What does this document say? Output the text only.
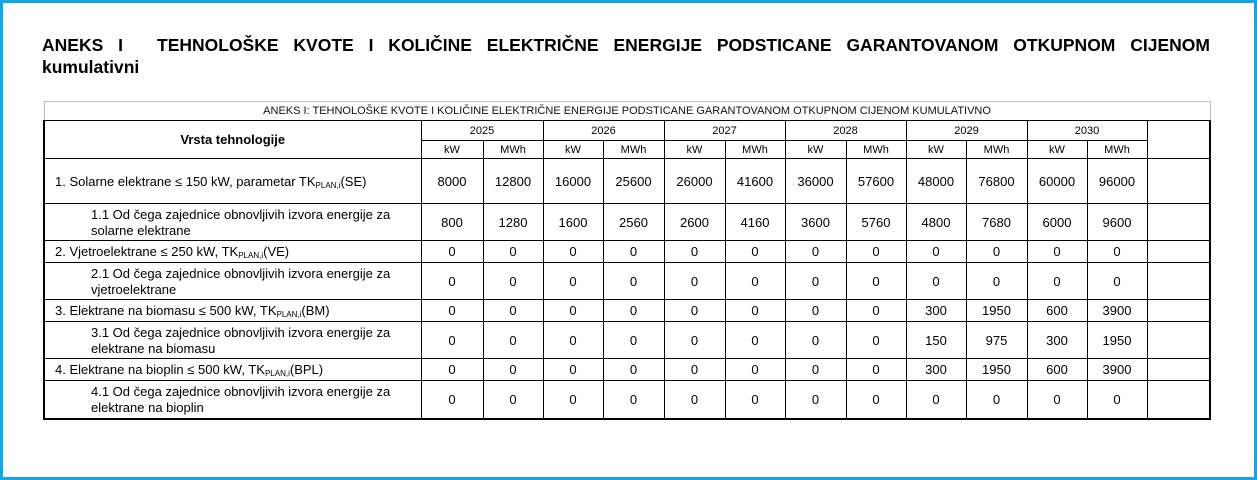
ANEKS I TEHNOLOŠKE KVOTE I KOLIČINE ELEKTRIČNE ENERGIJE PODSTICANE GARANTOVANOM OTKUPNOM CIJENOM kumulativni
ANEKS I: TEHNOLOŠKE KVOTE I KOLIČINE ELEKTRIČNE ENERGIJE PODSTICANE GARANTOVANOM OTKUPNOM CIJENOM KUMULATIVNO													
Vrsta tehnologije	2025		2026		2027		2028		2029		2030		
	kW	MWh	kW	MWh	kW	MWh	kW	MWh	kW	MWh	kW	MWh	
1. Solarne elektrane ≤ 150 kW, parametar $TK_{PLAN,i}(SE)$	8000	12800	16000	25600	26000	41600	36000	57600	48000	76800	60000	96000	
1.1 Od čega zajednice obnovljivih izvora energije za solarne elektrane	800	1280	1600	2560	2600	4160	3600	5760	4800	7680	6000	9600	
2. Vjetroelektrane ≤ 250 kW, $TK_{PLAN,i}(VE)$	0	0	0	0	0	0	0	0	0	0	0	0	
2.1 Od čega zajednice obnovljivih izvora energije za vjetroelektrane	0	0	0	0	0	0	0	0	0	0	0	0	
3. Elektrane na biomasu ≤ 500 kW, $TK_{PLAN,i}(BM)$	0	0	0	0	0	0	0	0	300	1950	600	3900	
3.1 Od čega zajednice obnovljivih izvora energije za elektrane na biomasu	0	0	0	0	0	0	0	0	150	975	300	1950	
4. Elektrane na bioplin ≤ 500 kW, $TK_{PLAN,i}(BPL)$	0	0	0	0	0	0	0	0	300	1950	600	3900	
4.1 Od čega zajednice obnovljivih izvora energije za elektrane na bioplin	0	0	0	0	0	0	0	0	0	0	0	0	
